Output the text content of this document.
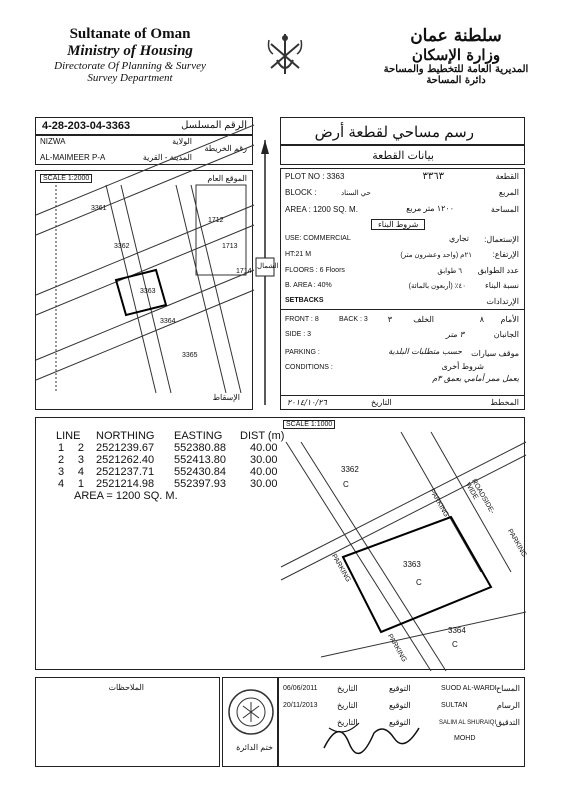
Sultanate of Oman
Ministry of Housing
Directorate Of Planning & Survey
Survey Department
سلطنة عمان
وزارة الإسكان
المديرية العامة للتخطيط والمساحة
دائرة المساحة
4-28-203-04-3363	الرقم المسلسل
NIZWA	الولاية
رقم الخريطة
AL-MAIMEER P-A	المدينة - القرية
SCALE 1:2000	الموقع العام
3361
3362
1712
1713
1714
3363
3364
3365
الإسقاط
الشمال
رسم مساحي لقطعة أرض
بيانات القطعة
PLOT NO : 3363	٣٣٦٣	القطعة
BLOCK :	حي السناد	المربع
AREA : 1200 SQ. M.	١٢٠٠ متر مربع	المساحة
شروط البناء
USE: COMMERCIAL	تجاري الإستعمال:
HT:21 M	٢١م (واحد وعشرون متر)	الإرتفاع:
FLOORS : 6 Floors	٦ طوابق عدد الطوابق
B. AREA : 40%	٤٠٪ (أربعون بالمائة) نسبة البناء
SETBACKS	الإرتدادات
FRONT : 8	BACK : 3 ٣	الخلف	٨ الأمام
SIDE : 3	٣ متر	الجانبان
PARKING :	حسب متطلبات البلدية موقف سيارات
CONDITIONS :	شروط أخرى
يعمل ممر أمامي بعمق ٣م
٢٠١٤/١٠/٢٦	التاريخ	المخطط
LINE	NORTHING	EASTING	DIST (m)
1 2 2521239.67	552380.88	40.00
2 3 2521262.40	552413.80	30.00
3 4 2521237.71	552430.84	40.00
4 1 2521214.98	552397.93	30.00
AREA = 1200 SQ. M.
SCALE 1:1000
3362
C
3363
C
3364
C
PARKING	ROADSIDE-WIDE
PARKING
PARKING
PARKING
الملاحظات
ختم الدائرة
06/06/2011 التاريخ	التوقيع	SUOD AL-WARDI المساح
20/11/2013 التاريخ	التوقيع	SULTAN	الرسام
التاريخ	التوقيع	SALIM AL SHURAIQI التدقيق
MOHD
